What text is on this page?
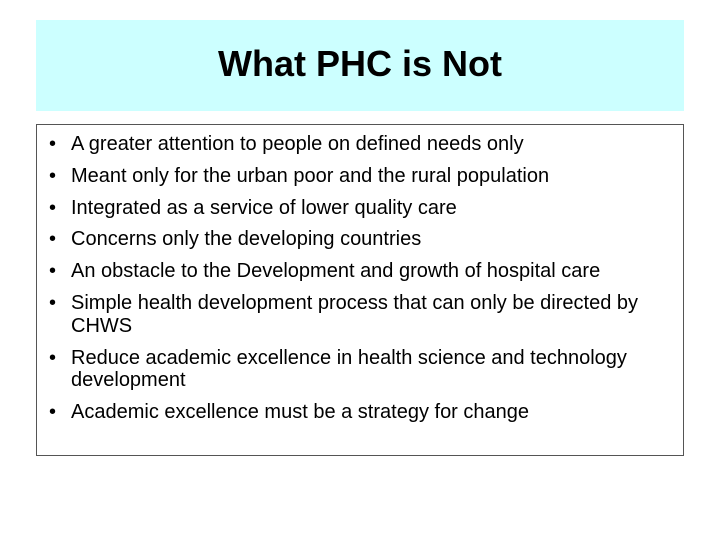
What PHC is Not
• A greater attention to people on defined needs only
• Meant only for the urban poor and the rural population
• Integrated as a service of lower quality care
• Concerns only the developing countries
• An obstacle to the Development and growth of hospital care
• Simple health development process that can only be directed by CHWS
• Reduce academic excellence in health science and technology development
• Academic excellence must be a strategy for change
